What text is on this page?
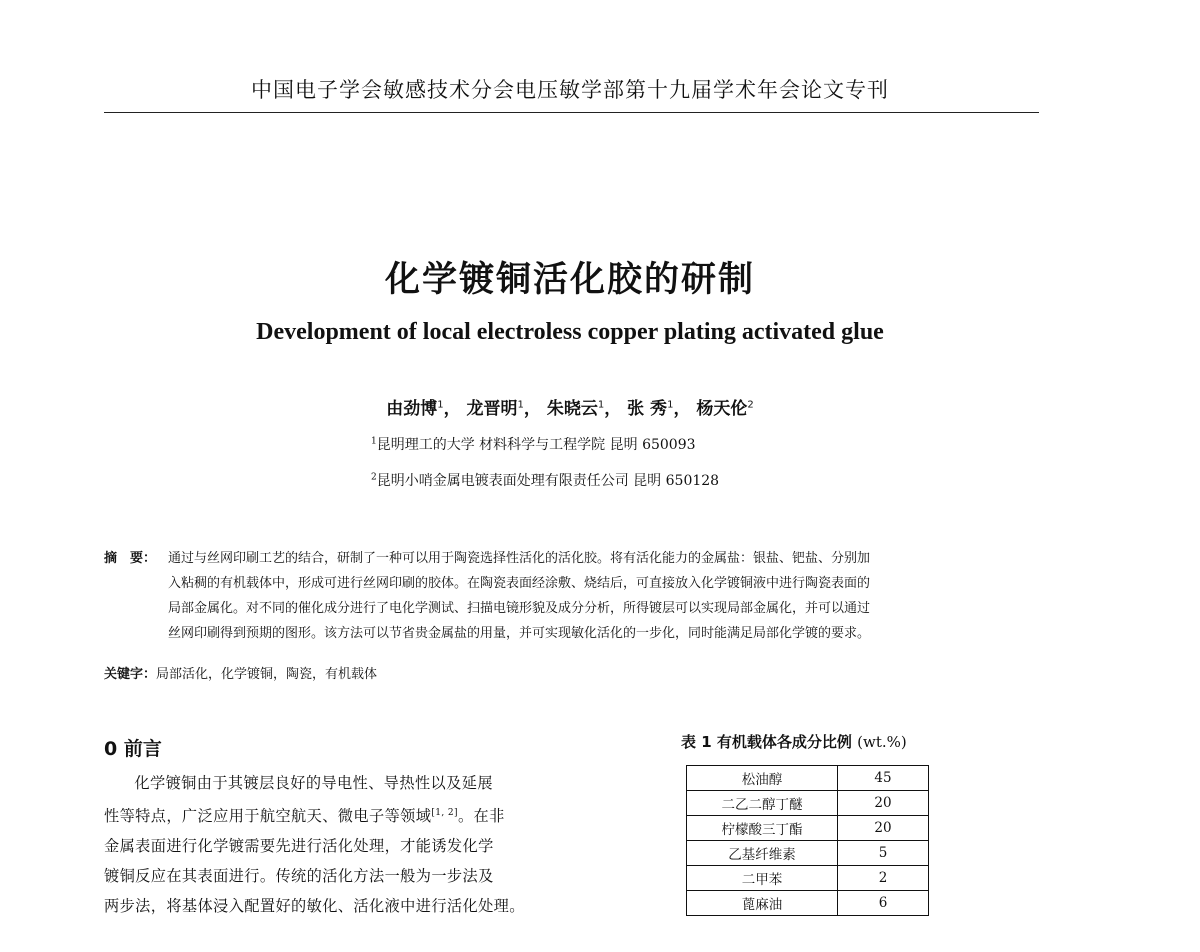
中国电子学会敏感技术分会电压敏学部第十九届学术年会论文专刊
化学镀铜活化胶的研制
Development of local electroless copper plating activated glue
由劲博$^1$， 龙晋明$^1$， 朱晓云$^1$， 张 秀$^1$， 杨天伦$^2$
$^1$昆明理工的大学 材料科学与工程学院 昆明 650093
$^2$昆明小哨金属电镀表面处理有限责任公司 昆明 650128
摘　要： 通过与丝网印刷工艺的结合，研制了一种可以用于陶瓷选择性活化的活化胶。将有活化能力的金属盐：银盐、钯盐、分别加
入粘稠的有机载体中，形成可进行丝网印刷的胶体。在陶瓷表面经涂敷、烧结后，可直接放入化学镀铜液中进行陶瓷表面的
局部金属化。对不同的催化成分进行了电化学测试、扫描电镜形貌及成分分析，所得镀层可以实现局部金属化，并可以通过
丝网印刷得到预期的图形。该方法可以节省贵金属盐的用量，并可实现敏化活化的一步化，同时能满足局部化学镀的要求。
关键字：局部活化，化学镀铜，陶瓷，有机载体
0 前言

化学镀铜由于其镀层良好的导电性、导热性以及延展

性等特点，广泛应用于航空航天、微电子等领域[1, 2]。在非
金属表面进行化学镀需要先进行活化处理，才能诱发化学
镀铜反应在其表面进行。传统的活化方法一般为一步法及
两步法，将基体浸入配置好的敏化、活化液中进行活化处理。
表 1 有机载体各成分比例 (wt.%)
松油醇	45
二乙二醇丁醚	20
柠檬酸三丁酯	20
乙基纤维素	5
二甲苯	2
蓖麻油	6
